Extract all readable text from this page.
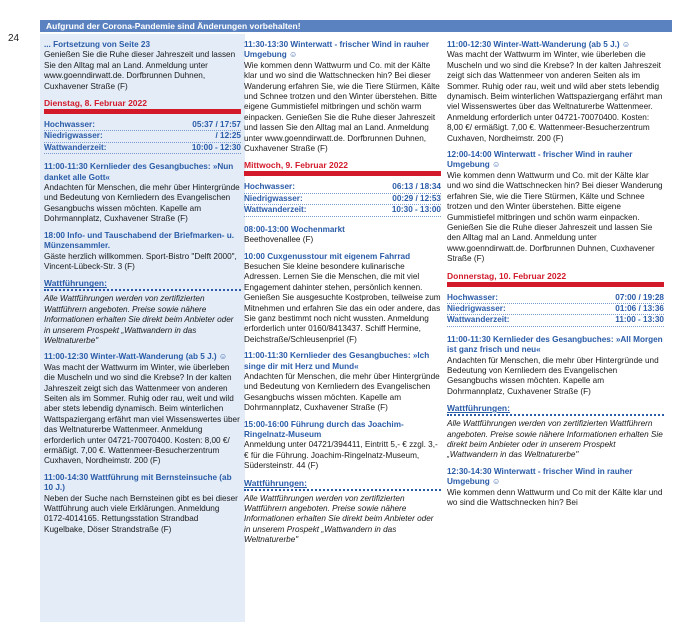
24
Aufgrund der Corona-Pandemie sind Änderungen vorbehalten!
... Fortsetzung von Seite 23
Genießen Sie die Ruhe dieser Jahreszeit und lassen Sie den Alltag mal an Land. Anmeldung unter www.goenndirwatt.de. Dorfbrunnen Duhnen, Cuxhavener Straße (F)
Dienstag, 8. Februar 2022
Hochwasser:	05:37 / 17:57
Niedrigwasser:	/ 12:25
Wattwanderzeit:	10:00 - 12:30
11:00-11:30 Kernlieder des Gesangbuches: »Nun danket alle Gott«
Andachten für Menschen, die mehr über Hintergründe und Bedeutung von Kernliedern des Evangelischen Gesangbuchs wissen möchten. Kapelle am Dohrmannplatz, Cuxhavener Straße (F)
18:00 Info- und Tauschabend der Briefmarken- u. Münzensammler.
Gäste herzlich willkommen. Sport-Bistro "Delft 2000", Vincent-Lübeck-Str. 3 (F)
Wattführungen:
Alle Wattführungen werden von zertifizierten Wattführern angeboten. Preise sowie nähere Informationen erhalten Sie direkt beim Anbieter oder in unserem Prospekt „Wattwandern in das Weltnaturerbe"
11:00-12:30 Winter-Watt-Wanderung (ab 5 J.) ☺
Was macht der Wattwurm im Winter, wie überleben die Muscheln und wo sind die Krebse? In der kalten Jahreszeit zeigt sich das Wattenmeer von anderen Seiten als im Sommer. Ruhig oder rau, weit und wild aber stets lebendig dynamisch. Beim winterlichen Wattspaziergang erfährt man viel Wissenswertes über das Weltnaturerbe Wattenmeer. Anmeldung erforderlich unter 04721-70070400. Kosten: 8,00 €/ ermäßigt. 7,00 €. Wattenmeer-Besucherzentrum Cuxhaven, Nordheimstr. 200 (F)
11:00-14:30 Wattführung mit Bernsteinsuche (ab 10 J.)
Neben der Suche nach Bernsteinen gibt es bei dieser Wattführung auch viele Erklärungen. Anmeldung 0172-4014165. Rettungsstation Strandbad Kugelbake, Döser Strandstraße (F)
11:30-13:30 Winterwatt - frischer Wind in rauher Umgebung ☺
Wie kommen denn Wattwurm und Co. mit der Kälte klar und wo sind die Wattschnecken hin? Bei dieser Wanderung erfahren Sie, wie die Tiere Stürmen, Kälte und Schnee trotzen und den Winter überstehen. Bitte eigene Gummistiefel mitbringen und schön warm einpacken. Genießen Sie die Ruhe dieser Jahreszeit und lassen Sie den Alltag mal an Land. Anmeldung unter www.goenndirwatt.de. Dorfbrunnen Duhnen, Cuxhavener Straße (F)
Mittwoch, 9. Februar 2022
Hochwasser:	06:13 / 18:34
Niedrigwasser:	00:29 / 12:53
Wattwanderzeit:	10:30 - 13:00
08:00-13:00 Wochenmarkt
Beethovenallee (F)
10:00 Cuxgenusstour mit eigenem Fahrrad
Besuchen Sie kleine besondere kulinarische Adressen. Lernen Sie die Menschen, die mit viel Engagement dahinter stehen, persönlich kennen. Genießen Sie ausgesuchte Kostproben, teilweise zum Mitnehmen und erfahren Sie das ein oder andere, das Sie ganz bestimmt noch nicht wussten. Anmeldung erforderlich unter 0160/8413437. Schiff Hermine, Deichstraße/Schleusenpriel (F)
11:00-11:30 Kernlieder des Gesangbuches: »Ich singe dir mit Herz und Mund«
Andachten für Menschen, die mehr über Hintergründe und Bedeutung von Kernliedern des Evangelischen Gesangbuchs wissen möchten. Kapelle am Dohrmannplatz, Cuxhavener Straße (F)
15:00-16:00 Führung durch das Joachim-Ringelnatz-Museum
Anmeldung unter 04721/394411, Eintritt 5,- € zzgl. 3,- € für die Führung. Joachim-Ringelnatz-Museum, Südersteinstr. 44 (F)
Wattführungen:
Alle Wattführungen werden von zertifizierten Wattführern angeboten. Preise sowie nähere Informationen erhalten Sie direkt beim Anbieter oder in unserem Prospekt „Wattwandern in das Weltnaturerbe"
11:00-12:30 Winter-Watt-Wanderung (ab 5 J.) ☺
Was macht der Wattwurm im Winter, wie überleben die Muscheln und wo sind die Krebse? In der kalten Jahreszeit zeigt sich das Wattenmeer von anderen Seiten als im Sommer. Ruhig oder rau, weit und wild aber stets lebendig dynamisch. Beim winterlichen Wattspaziergang erfährt man viel Wissenswertes über das Weltnaturerbe Wattenmeer. Anmeldung erforderlich unter 04721-70070400. Kosten: 8,00 €/ ermäßigt. 7,00 €. Wattenmeer-Besucherzentrum Cuxhaven, Nordheimstr. 200 (F)
12:00-14:00 Winterwatt - frischer Wind in rauher Umgebung ☺
Wie kommen denn Wattwurm und Co. mit der Kälte klar und wo sind die Wattschnecken hin? Bei dieser Wanderung erfahren Sie, wie die Tiere Stürmen, Kälte und Schnee trotzen und den Winter überstehen. Bitte eigene Gummistiefel mitbringen und schön warm einpacken. Genießen Sie die Ruhe dieser Jahreszeit und lassen Sie den Alltag mal an Land. Anmeldung unter www.goenndirwatt.de. Dorfbrunnen Duhnen, Cuxhavener Straße (F)
Donnerstag, 10. Februar 2022
Hochwasser:	07:00 / 19:28
Niedrigwasser:	01:06 / 13:36
Wattwanderzeit:	11:00 - 13:30
11:00-11:30 Kernlieder des Gesangbuches: »All Morgen ist ganz frisch und neu«
Andachten für Menschen, die mehr über Hintergründe und Bedeutung von Kernliedern des Evangelischen Gesangbuchs wissen möchten. Kapelle am Dohrmannplatz, Cuxhavener Straße (F)
Wattführungen:
Alle Wattführungen werden von zertifizierten Wattführern angeboten. Preise sowie nähere Informationen erhalten Sie direkt beim Anbieter oder in unserem Prospekt „Wattwandern in das Weltnaturerbe"
12:30-14:30 Winterwatt - frischer Wind in rauher Umgebung ☺
Wie kommen denn Wattwurm und Co mit der Kälte klar und wo sind die Wattschnecken hin? Bei
